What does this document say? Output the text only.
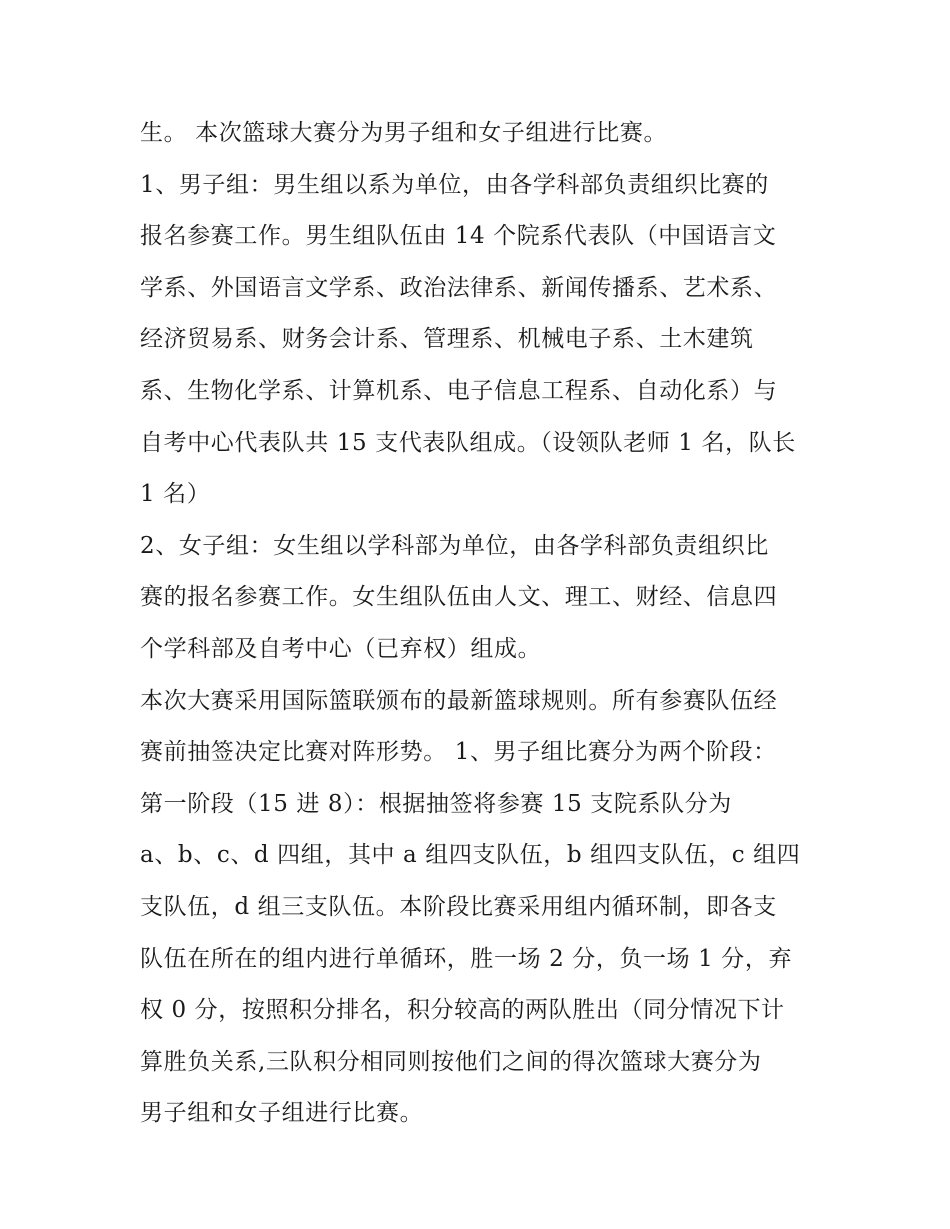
生。 本次篮球大赛分为男子组和女子组进行比赛。
1、男子组：男生组以系为单位，由各学科部负责组织比赛的
报名参赛工作。男生组队伍由 14 个院系代表队（中国语言文
学系、外国语言文学系、政治法律系、新闻传播系、艺术系、
经济贸易系、财务会计系、管理系、机械电子系、土木建筑
系、生物化学系、计算机系、电子信息工程系、自动化系）与
自考中心代表队共 15 支代表队组成。（设领队老师 1 名，队长
1 名）
2、女子组：女生组以学科部为单位，由各学科部负责组织比
赛的报名参赛工作。女生组队伍由人文、理工、财经、信息四
个学科部及自考中心（已弃权）组成。
本次大赛采用国际篮联颁布的最新篮球规则。所有参赛队伍经
赛前抽签决定比赛对阵形势。 1、男子组比赛分为两个阶段：
第一阶段（15 进 8）：根据抽签将参赛 15 支院系队分为
a、b、c、d 四组，其中 a 组四支队伍，b 组四支队伍，c 组四
支队伍，d 组三支队伍。本阶段比赛采用组内循环制，即各支
队伍在所在的组内进行单循环，胜一场 2 分，负一场 1 分，弃
权 0 分，按照积分排名，积分较高的两队胜出（同分情况下计
算胜负关系,三队积分相同则按他们之间的得次篮球大赛分为
男子组和女子组进行比赛。
